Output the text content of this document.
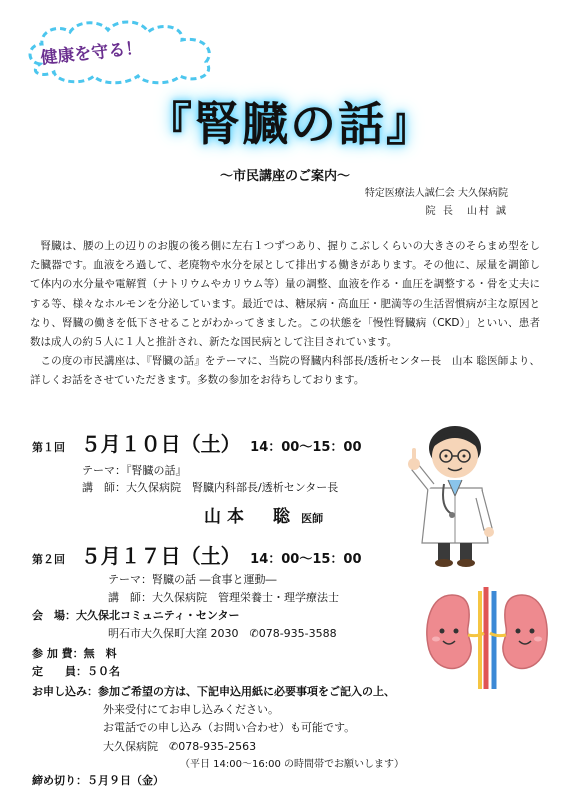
健康を守る！
『腎臓の話』
～市民講座のご案内～
特定医療法人誠仁会 大久保病院
院 長　山村 誠

腎臓は、腰の上の辺りのお腹の後ろ側に左右１つずつあり、握りこぶしくらいの大きさのそらまめ型をした臓器です。血液をろ過して、老廃物や水分を尿として排出する働きがあります。その他に、尿量を調節して体内の水分量や電解質（ナトリウムやカリウム等）量の調整、血液を作る・血圧を調整する・骨を丈夫にする等、様々なホルモンを分泌しています。最近では、糖尿病・高血圧・肥満等の生活習慣病が主な原因となり、腎臓の働きを低下させることがわかってきました。この状態を「慢性腎臓病（CKD）」といい、患者数は成人の約５人に１人と推計され、新たな国民病として注目されています。

この度の市民講座は、『腎臓の話』をテーマに、当院の腎臓内科部長/透析センター長　山本 聡医師より、詳しくお話をさせていただきます。多数の参加をお待ちしております。

第１回 ５月１０日（土） 14：00～15：00
テーマ：『腎臓の話』
講　師：大久保病院　腎臓内科部長/透析センター長
山本　聡 医師
第２回 ５月１７日（土） 14：00～15：00
テーマ：腎臓の話 ―食事と運動―
講　師：大久保病院　管理栄養士・理学療法士
会　場：大久保北コミュニティ・センター
明石市大久保町大窪 2030　✆078-935-3588
参 加 費：無　料
定　　員：５０名
お申し込み：参加ご希望の方は、下記申込用紙に必要事項をご記入の上、
外来受付にてお申し込みください。
お電話での申し込み（お問い合わせ）も可能です。
大久保病院　✆078-935-2563
（平日 14:00～16:00 の時間帯でお願いします）
締め切り：５月９日（金）
